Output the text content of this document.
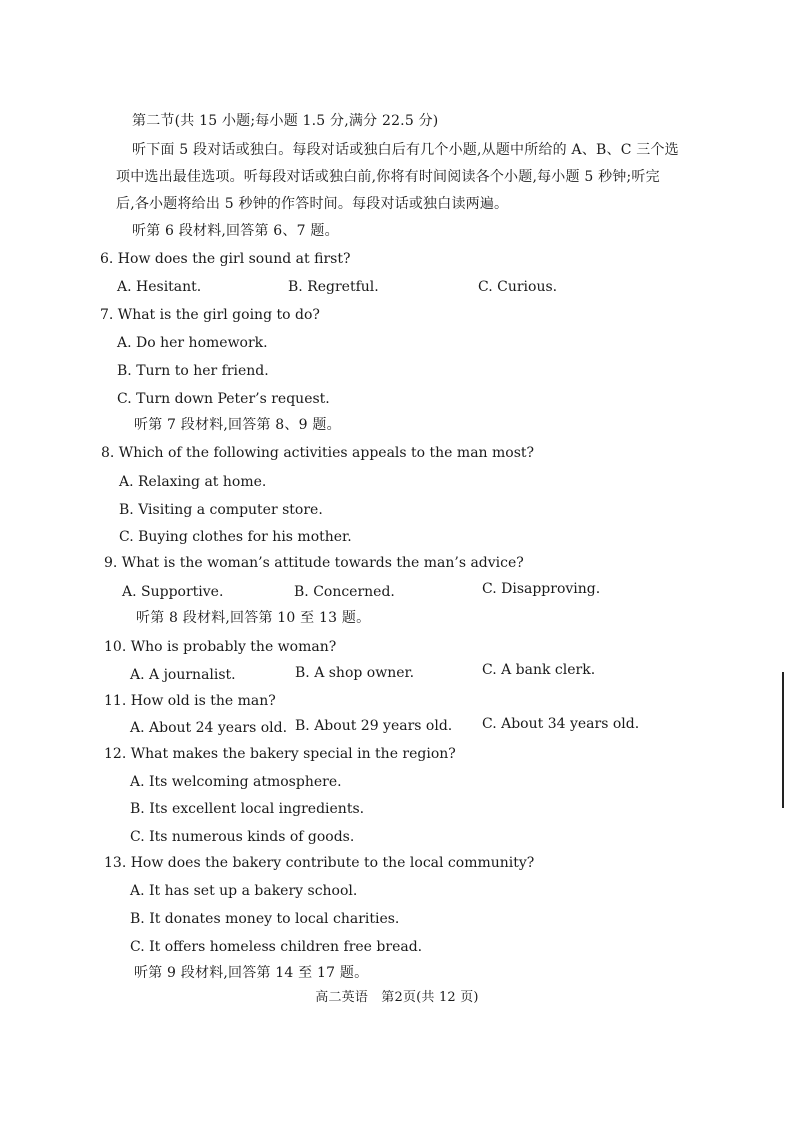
第二节(共 15 小题;每小题 1.5 分,满分 22.5 分)
听下面 5 段对话或独白。每段对话或独白后有几个小题,从题中所给的 A、B、C 三个选
项中选出最佳选项。听每段对话或独白前,你将有时间阅读各个小题,每小题 5 秒钟;听完
后,各小题将给出 5 秒钟的作答时间。每段对话或独白读两遍。
听第 6 段材料,回答第 6、7 题。
6. How does the girl sound at first?
A. Hesitant.	B. Regretful.	C. Curious.
7. What is the girl going to do?
A. Do her homework.
B. Turn to her friend.
C. Turn down Peter’s request.
听第 7 段材料,回答第 8、9 题。
8. Which of the following activities appeals to the man most?
A. Relaxing at home.
B. Visiting a computer store.
C. Buying clothes for his mother.
9. What is the woman’s attitude towards the man’s advice?
A. Supportive.	B. Concerned.	C. Disapproving.
听第 8 段材料,回答第 10 至 13 题。
10. Who is probably the woman?
A. A journalist.	B. A shop owner.	C. A bank clerk.
11. How old is the man?
A. About 24 years old. B. About 29 years old. C. About 34 years old.
12. What makes the bakery special in the region?
A. Its welcoming atmosphere.
B. Its excellent local ingredients.
C. Its numerous kinds of goods.
13. How does the bakery contribute to the local community?
A. It has set up a bakery school.
B. It donates money to local charities.
C. It offers homeless children free bread.
听第 9 段材料,回答第 14 至 17 题。
高二英语　第2页(共 12 页)
